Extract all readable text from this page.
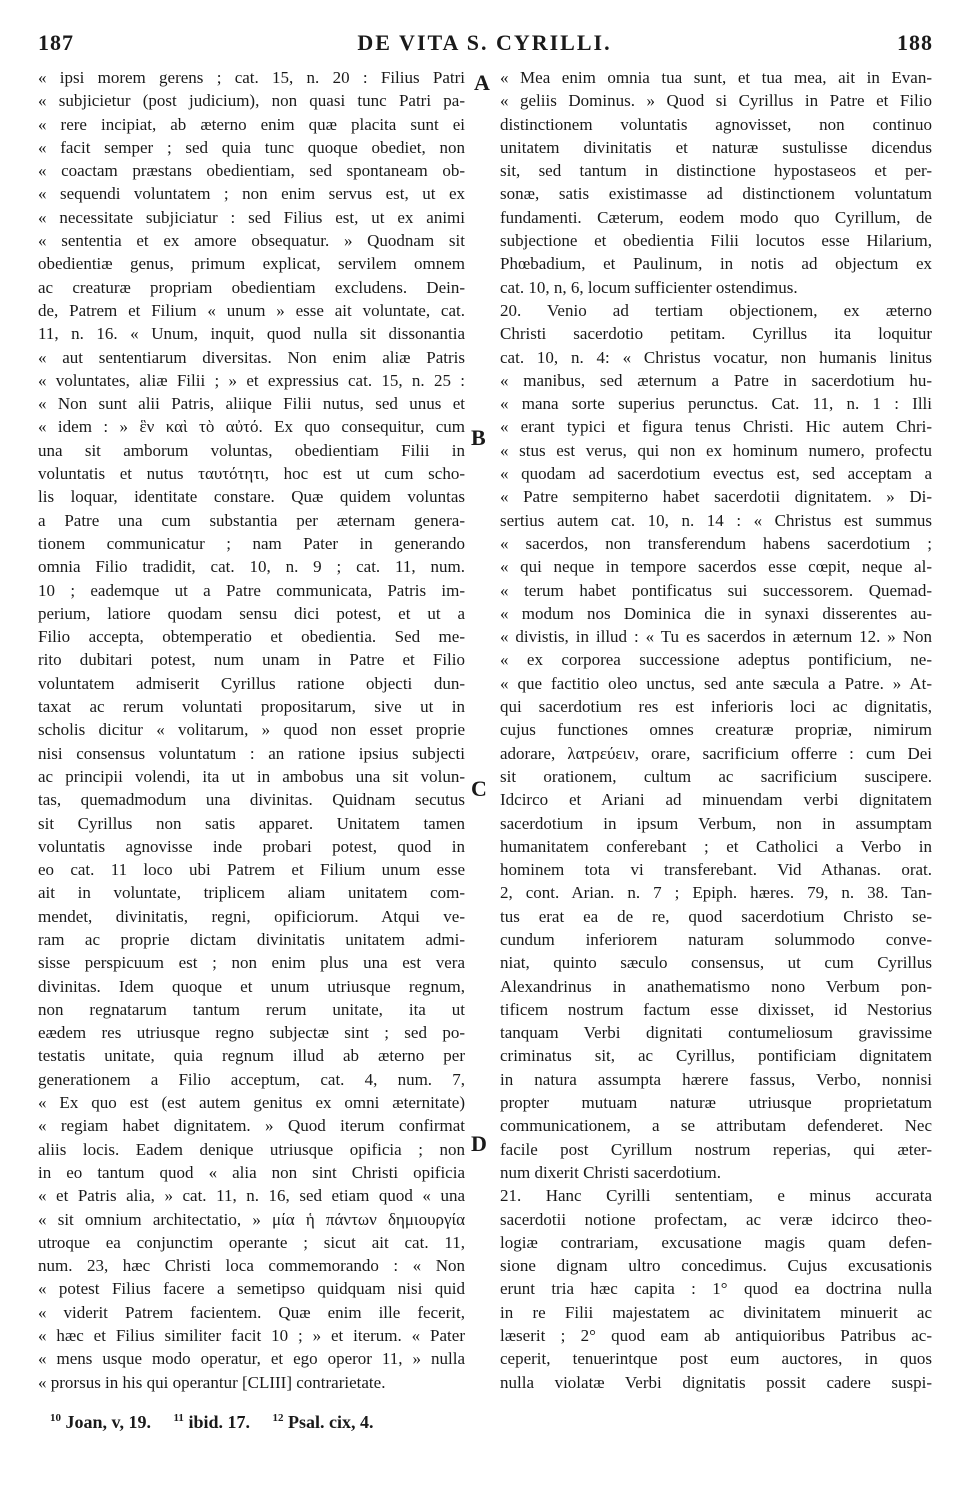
187	DE VITA S. CYRILLI.	188
« ipsi morem gerens ; cat. 15, n. 20 : Filius Patri
« subjicietur (post judicium), non quasi tunc Patri pa-
« rere incipiat, ab æterno enim quæ placita sunt ei
« facit semper ; sed quia tunc quoque obediet, non
« coactam præstans obedientiam, sed spontaneam ob-
« sequendi voluntatem ; non enim servus est, ut ex
« necessitate subjiciatur : sed Filius est, ut ex animi
« sententia et ex amore obsequatur. » Quodnam sit
obedientiæ genus, primum explicat, servilem omnem
ac creaturæ propriam obedientiam excludens. Dein-
de, Patrem et Filium « unum » esse ait voluntate, cat.
11, n. 16. « Unum, inquit, quod nulla sit dissonantia
« aut sententiarum diversitas. Non enim aliæ Patris
« voluntates, aliæ Filii ; » et expressius cat. 15, n. 25 :
« Non sunt alii Patris, aliique Filii nutus, sed unus et
« idem : » ἓν καὶ τὸ αὐτό. Ex quo consequitur, cum
una sit amborum voluntas, obedientiam Filii in
voluntatis et nutus ταυτότητι, hoc est ut cum scho-
lis loquar, identitate constare. Quæ quidem voluntas
a Patre una cum substantia per æternam genera-
tionem communicatur ; nam Pater in generando
omnia Filio tradidit, cat. 10, n. 9 ; cat. 11, num.
10 ; eademque ut a Patre communicata, Patris im-
perium, latiore quodam sensu dici potest, et ut a
Filio accepta, obtemperatio et obedientia. Sed me-
rito dubitari potest, num unam in Patre et Filio
voluntatem admiserit Cyrillus ratione objecti dun-
taxat ac rerum voluntati propositarum, sive ut in
scholis dicitur « volitarum, » quod non esset proprie
nisi consensus voluntatum : an ratione ipsius subjecti
ac principii volendi, ita ut in ambobus una sit volun-
tas, quemadmodum una divinitas. Quidnam secutus
sit Cyrillus non satis apparet. Unitatem tamen
voluntatis agnovisse inde probari potest, quod in
eo cat. 11 loco ubi Patrem et Filium unum esse
ait in voluntate, triplicem aliam unitatem com-
mendet, divinitatis, regni, opificiorum. Atqui ve-
ram ac proprie dictam divinitatis unitatem admi-
sisse perspicuum est ; non enim plus una est vera
divinitas. Idem quoque et unum utriusque regnum,
non regnatarum tantum rerum unitate, ita ut
eædem res utriusque regno subjectæ sint ; sed po-
testatis unitate, quia regnum illud ab æterno per
generationem a Filio acceptum, cat. 4, num. 7,
« Ex quo est (est autem genitus ex omni æternitate)
« regiam habet dignitatem. » Quod iterum confirmat
aliis locis. Eadem denique utriusque opificia ; non
in eo tantum quod « alia non sint Christi opificia
« et Patris alia, » cat. 11, n. 16, sed etiam quod « una
« sit omnium architectatio, » μία ἡ πάντων δημιουργία
utroque ea conjunctim operante ; sicut ait cat. 11,
num. 23, hæc Christi loca commemorando : « Non
« potest Filius facere a semetipso quidquam nisi quid
« viderit Patrem facientem. Quæ enim ille fecerit,
« hæc et Filius similiter facit 10 ; » et iterum. « Pater
« mens usque modo operatur, et ego operor 11, » nulla
« prorsus in his qui operantur [CLIII] contrarietate.
« Mea enim omnia tua sunt, et tua mea, ait in Evan-
« geliis Dominus. » Quod si Cyrillus in Patre et Filio
distinctionem voluntatis agnovisset, non continuo
unitatem divinitatis et naturæ sustulisse dicendus
sit, sed tantum in distinctione hypostaseos et per-
sonæ, satis existimasse ad distinctionem voluntatum
fundamenti. Cæterum, eodem modo quo Cyrillum, de
subjectione et obedientia Filii locutos esse Hilarium,
Phœbadium, et Paulinum, in notis ad objectum ex
cat. 10, n, 6, locum sufficienter ostendimus.
20. Venio ad tertiam objectionem, ex æterno
Christi sacerdotio petitam. Cyrillus ita loquitur
cat. 10, n. 4: « Christus vocatur, non humanis linitus
« manibus, sed æternum a Patre in sacerdotium hu-
« mana sorte superius perunctus. Cat. 11, n. 1 : Illi
« erant typici et figura tenus Christi. Hic autem Chri-
« stus est verus, qui non ex hominum numero, profectu
« quodam ad sacerdotium evectus est, sed acceptam a
« Patre sempiterno habet sacerdotii dignitatem. » Di-
sertius autem cat. 10, n. 14 : « Christus est summus
« sacerdos, non transferendum habens sacerdotium ;
« qui neque in tempore sacerdos esse cœpit, neque al-
« terum habet pontificatus sui successorem. Quemad-
« modum nos Dominica die in synaxi disserentes au-
« divistis, in illud : « Tu es sacerdos in æternum 12. » Non
« ex corporea successione adeptus pontificium, ne-
« que factitio oleo unctus, sed ante sæcula a Patre. » At-
qui sacerdotium res est inferioris loci ac dignitatis,
cujus functiones omnes creaturæ propriæ, nimirum
adorare, λατρεύειν, orare, sacrificium offerre : cum Dei
sit orationem, cultum ac sacrificium suscipere.
Idcirco et Ariani ad minuendam verbi dignitatem
sacerdotium in ipsum Verbum, non in assumptam
humanitatem conferebant ; et Catholici a Verbo in
hominem tota vi transferebant. Vid Athanas. orat.
2, cont. Arian. n. 7 ; Epiph. hæres. 79, n. 38. Tan-
tus erat ea de re, quod sacerdotium Christo se-
cundum inferiorem naturam solummodo conve-
niat, quinto sæculo consensus, ut cum Cyrillus
Alexandrinus in anathematismo nono Verbum pon-
tificem nostrum factum esse dixisset, id Nestorius
tanquam Verbi dignitati contumeliosum gravissime
criminatus sit, ac Cyrillus, pontificiam dignitatem
in natura assumpta hærere fassus, Verbo, nonnisi
propter mutuam naturæ utriusque proprietatum
communicationem, a se attributam defenderet. Nec
facile post Cyrillum nostrum reperias, qui æter-
num dixerit Christi sacerdotium.
21. Hanc Cyrilli sententiam, e minus accurata
sacerdotii notione profectam, ac veræ idcirco theo-
logiæ contrariam, excusatione magis quam defen-
sione dignam ultro concedimus. Cujus excusationis
erunt tria hæc capita : 1° quod ea doctrina nulla
in re Filii majestatem ac divinitatem minuerit ac
læserit ; 2° quod eam ab antiquioribus Patribus ac-
ceperit, tenuerintque post eum auctores, in quos
nulla violatæ Verbi dignitatis possit cadere suspi-
A
B
C
D
$^{10}$ Joan, v, 19. $^{11}$ ibid. 17. $^{12}$ Psal. cix, 4.
